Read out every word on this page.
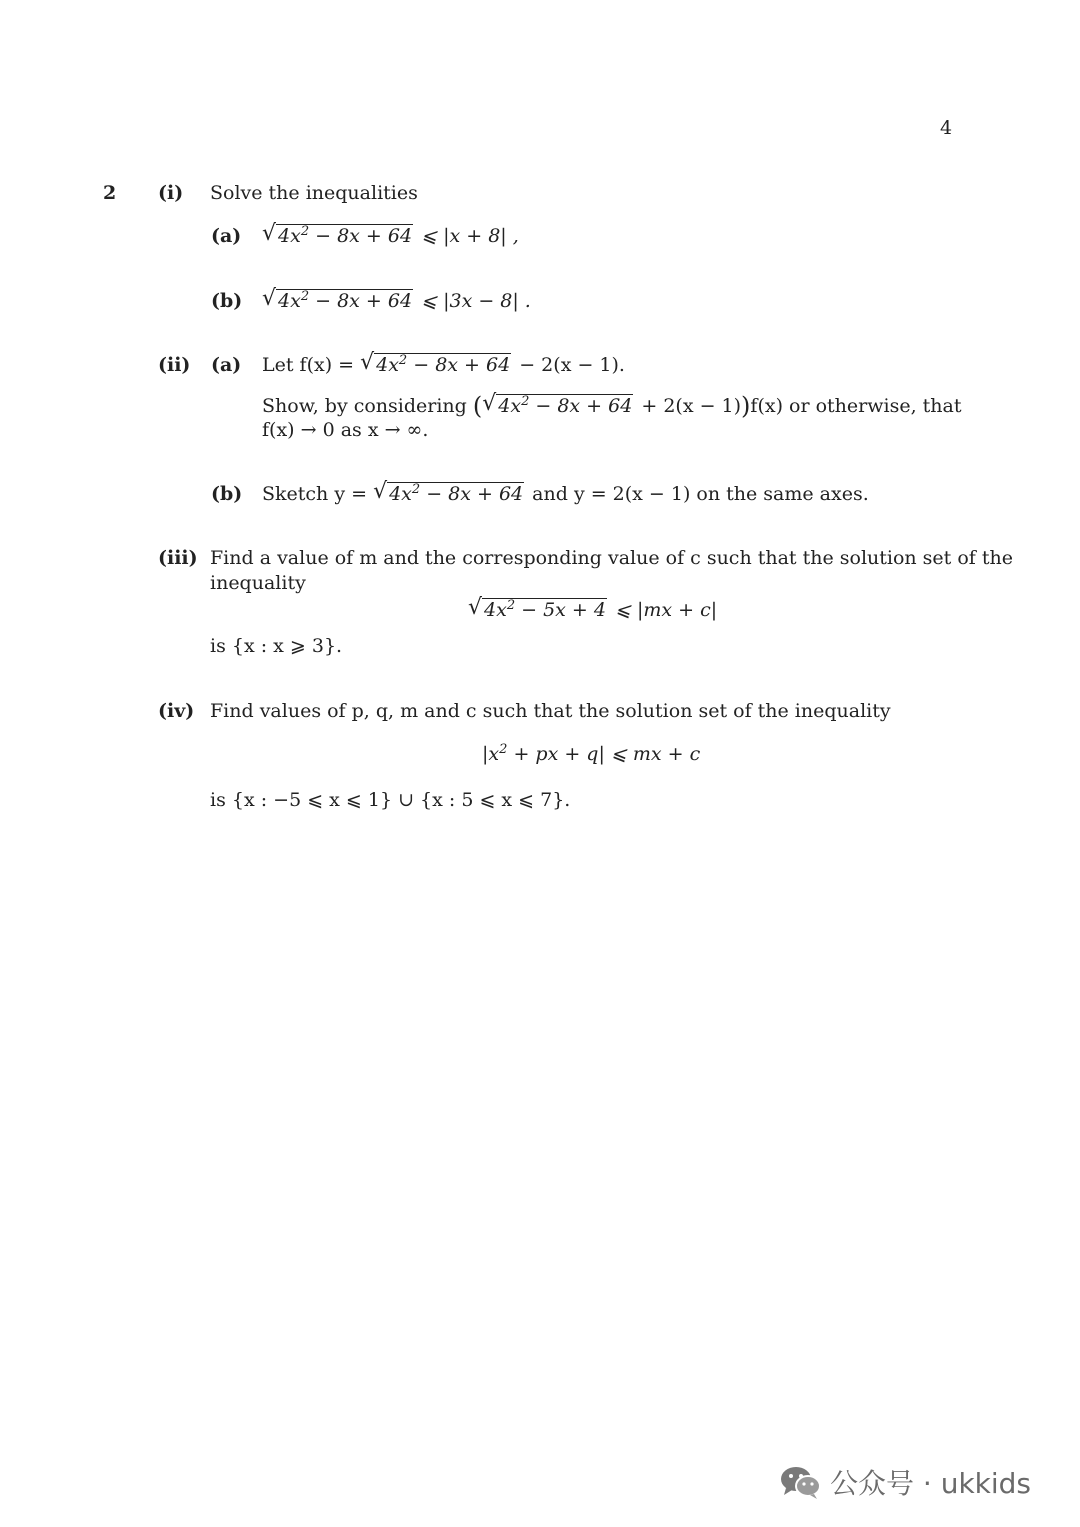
4
2 (i) Solve the inequalities
(a) √ $4x^2 - 8x + 64$ ⩽ |x + 8| ,
(b) √ $4x^2 - 8x + 64$ ⩽ |3x − 8| .
(ii) (a) Let f(x) = √ $4x^2 - 8x + 64 - 2(x - 1)$.
Show, by considering ( √ $4x^2 - 8x + 64 + 2(x - 1))f(x)$ or otherwise, that
f(x) → 0 as x → ∞.
(b) Sketch y = √ $4x^2 - 8x + 64$ and y = 2(x − 1) on the same axes.
(iii) Find a value of m and the corresponding value of c such that the solution set of the
inequality
√ $4x^2 - 5x + 4$ ⩽ |mx + c|
is {x : x ⩾ 3}.
(iv) Find values of p, q, m and c such that the solution set of the inequality
$|x^2$ + px + q| ⩽ mx + c
is {x : −5 ⩽ x ⩽ 1} ∪ {x : 5 ⩽ x ⩽ 7}.
公众号 · ukkids
